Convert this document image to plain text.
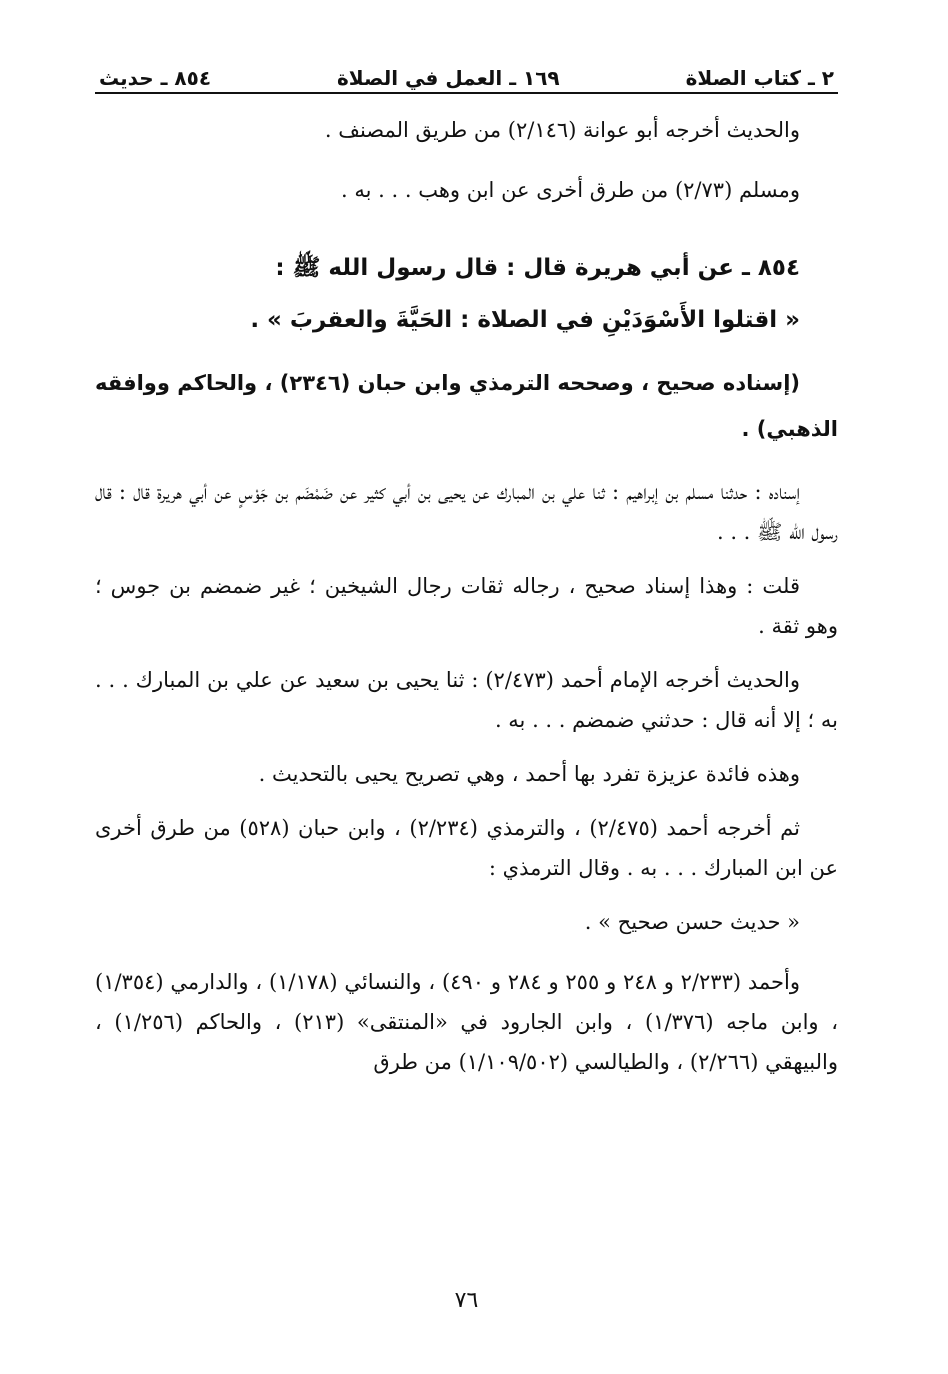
٢ ـ كتاب الصلاة
١٦٩ ـ العمل في الصلاة
٨٥٤ ـ حديث

والحديث أخرجه أبو عوانة (٢/١٤٦) من طريق المصنف .

ومسلم (٢/٧٣) من طرق أخرى عن ابن وهب . . . به .

٨٥٤ ـ عن أبي هريرة قال : قال رسول الله ﷺ :

« اقتلوا الأَسْوَدَيْنِ في الصلاة : الحَيَّةَ والعقربَ » .

(إسناده صحيح ، وصححه الترمذي وابن حبان (٢٣٤٦) ، والحاكم ووافقه الذهبي) .

إسناده : حدثنا مسلم بن إبراهيم : ثنا علي بن المبارك عن يحيى بن أبي كثير عن ضَمْضَم بن جَوْسٍ عن أبي هريرة قال : قال رسول الله ﷺ . . .

قلت : وهذا إسناد صحيح ، رجاله ثقات رجال الشيخين ؛ غير ضمضم بن جوس ؛ وهو ثقة .

والحديث أخرجه الإمام أحمد (٢/٤٧٣) : ثنا يحيى بن سعيد عن علي بن المبارك . . . به ؛ إلا أنه قال : حدثني ضمضم . . . به .

وهذه فائدة عزيزة تفرد بها أحمد ، وهي تصريح يحيى بالتحديث .

ثم أخرجه أحمد (٢/٤٧٥) ، والترمذي (٢/٢٣٤) ، وابن حبان (٥٢٨) من طرق أخرى عن ابن المبارك . . . به . وقال الترمذي :

« حديث حسن صحيح » .

وأحمد (٢/٢٣٣ و ٢٤٨ و ٢٥٥ و ٢٨٤ و ٤٩٠) ، والنسائي (١/١٧٨) ، والدارمي (١/٣٥٤) ، وابن ماجه (١/٣٧٦) ، وابن الجارود في «المنتقى» (٢١٣) ، والحاكم (١/٢٥٦) ، والبيهقي (٢/٢٦٦) ، والطيالسي (١/١٠٩/٥٠٢) من طرق

٧٦
